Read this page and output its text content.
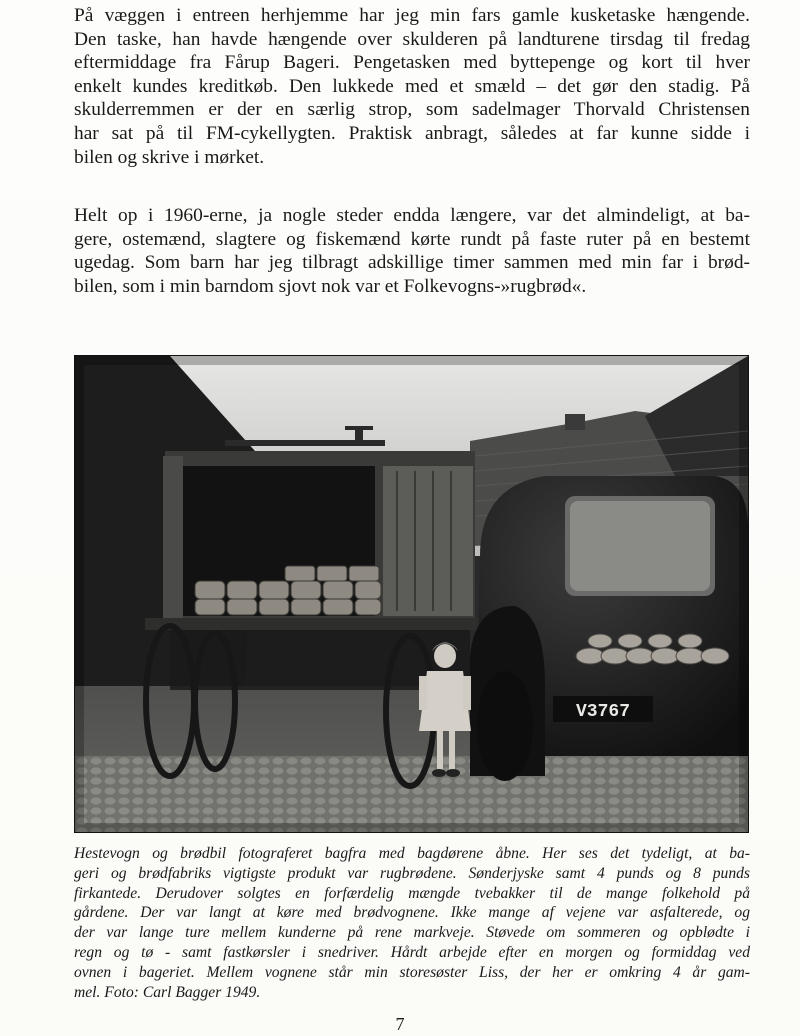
På væggen i entreen herhjemme har jeg min fars gamle kusketaske hængende.
Den taske, han havde hængende over skulderen på landturene tirsdag til fredag
eftermiddage fra Fårup Bageri. Pengetasken med byttepenge og kort til hver
enkelt kundes kreditkøb. Den lukkede med et smæld – det gør den stadig. På
skulderremmen er der en særlig strop, som sadelmager Thorvald Christensen
har sat på til FM-cykellygten. Praktisk anbragt, således at far kunne sidde i
bilen og skrive i mørket.

Helt op i 1960-erne, ja nogle steder endda længere, var det almindeligt, at ba-
gere, ostemænd, slagtere og fiskemænd kørte rundt på faste ruter på en bestemt
ugedag. Som barn har jeg tilbragt adskillige timer sammen med min far i brød-
bilen, som i min barndom sjovt nok var et Folkevogns-»rugbrød«.

V3767

Hestevogn og brødbil fotograferet bagfra med bagdørene åbne. Her ses det tydeligt, at ba-
geri og brødfabriks vigtigste produkt var rugbrødene. Sønderjyske samt 4 punds og 8 punds
firkantede. Derudover solgtes en forfærdelig mængde tvebakker til de mange folkehold på
gårdene. Der var langt at køre med brødvognene. Ikke mange af vejene var asfalterede, og
der var lange ture mellem kunderne på rene markveje. Støvede om sommeren og opblødte i
regn og tø - samt fastkørsler i snedriver. Hårdt arbejde efter en morgen og formiddag ved
ovnen i bageriet. Mellem vognene står min storesøster Liss, der her er omkring 4 år gam-
mel. Foto: Carl Bagger 1949.

7
